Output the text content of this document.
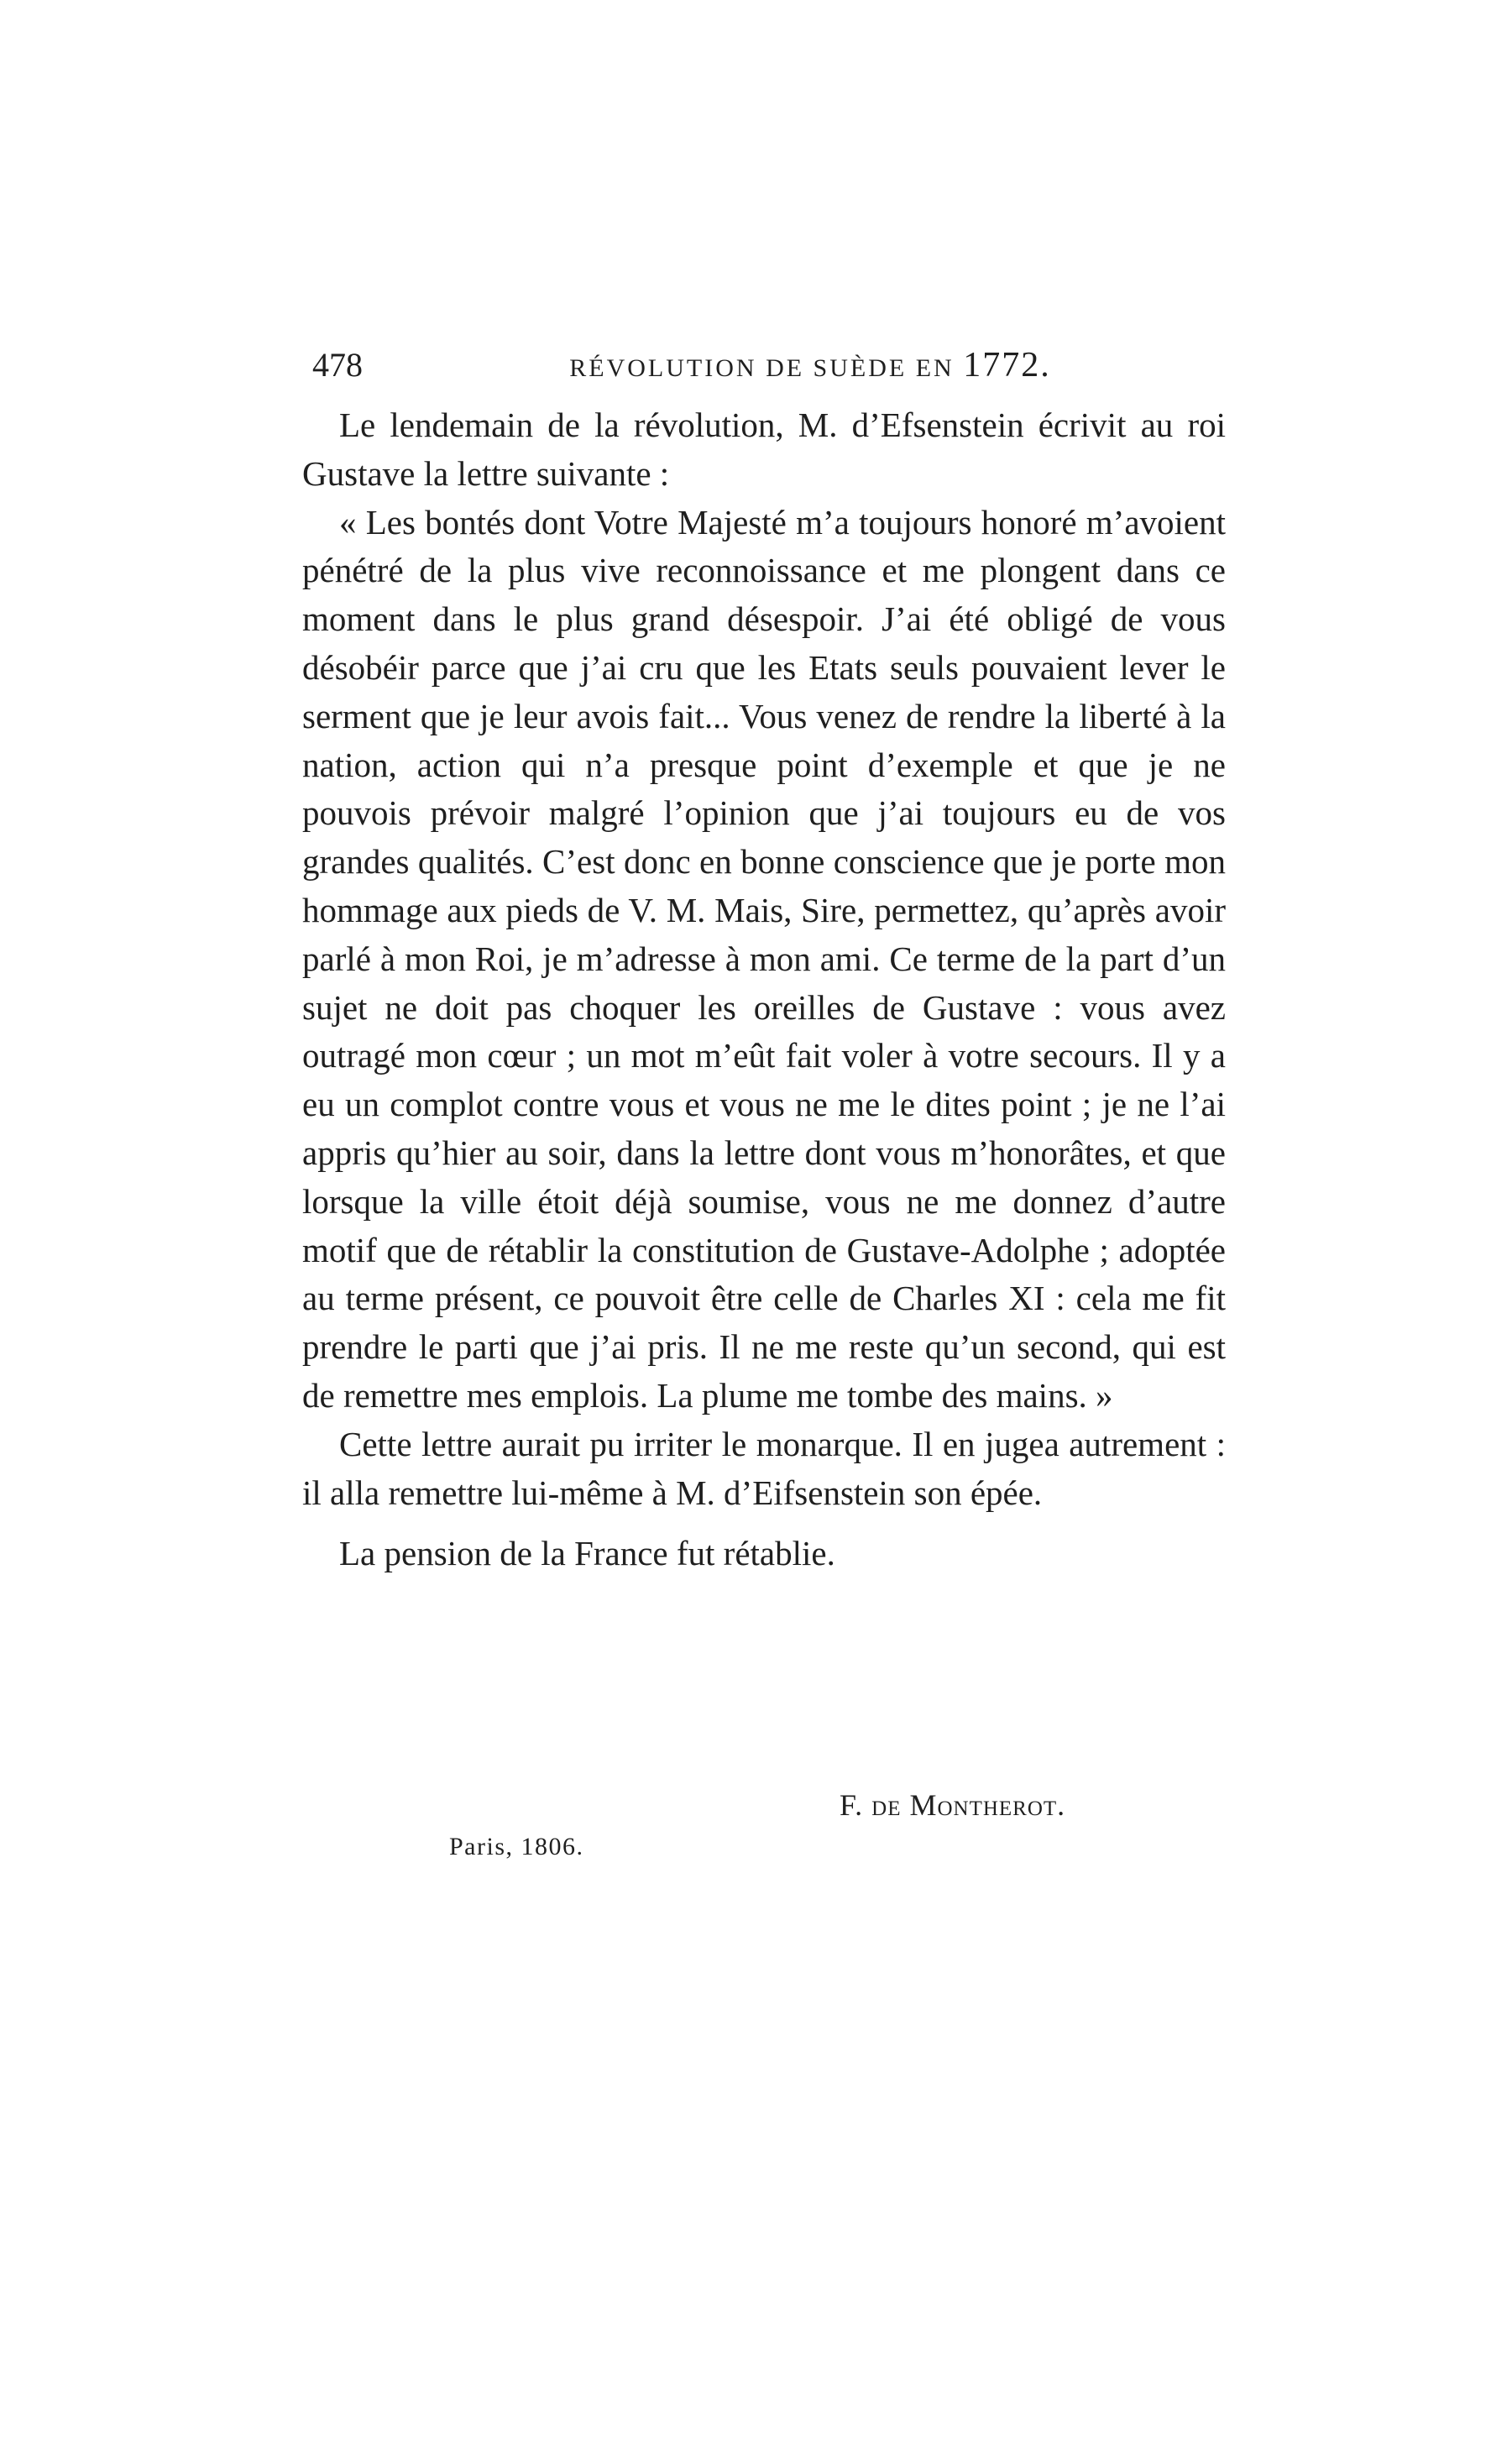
478	RÉVOLUTION DE SUÈDE EN 1772.

Le lendemain de la révolution, M. d’Efsenstein écrivit au roi Gustave la lettre suivante :

« Les bontés dont Votre Majesté m’a toujours honoré m’avoient pénétré de la plus vive reconnoissance et me plongent dans ce moment dans le plus grand désespoir. J’ai été obligé de vous désobéir parce que j’ai cru que les Etats seuls pouvaient lever le serment que je leur avois fait... Vous venez de rendre la liberté à la nation, action qui n’a presque point d’exemple et que je ne pouvois prévoir malgré l’opinion que j’ai toujours eu de vos grandes qualités. C’est donc en bonne conscience que je porte mon hommage aux pieds de V. M. Mais, Sire, permettez, qu’après avoir parlé à mon Roi, je m’adresse à mon ami. Ce terme de la part d’un sujet ne doit pas choquer les oreilles de Gustave : vous avez outragé mon cœur ; un mot m’eût fait voler à votre secours. Il y a eu un complot contre vous et vous ne me le dites point ; je ne l’ai appris qu’hier au soir, dans la lettre dont vous m’honorâtes, et que lorsque la ville étoit déjà soumise, vous ne me donnez d’autre motif que de rétablir la constitution de Gustave-Adolphe ; adoptée au terme présent, ce pouvoit être celle de Charles XI : cela me fit prendre le parti que j’ai pris. Il ne me reste qu’un second, qui est de remettre mes emplois. La plume me tombe des mains. »

Cette lettre aurait pu irriter le monarque. Il en jugea autrement : il alla remettre lui-même à M. d’Eifsenstein son épée.

La pension de la France fut rétablie.

F. de Montherot.
Paris, 1806.
